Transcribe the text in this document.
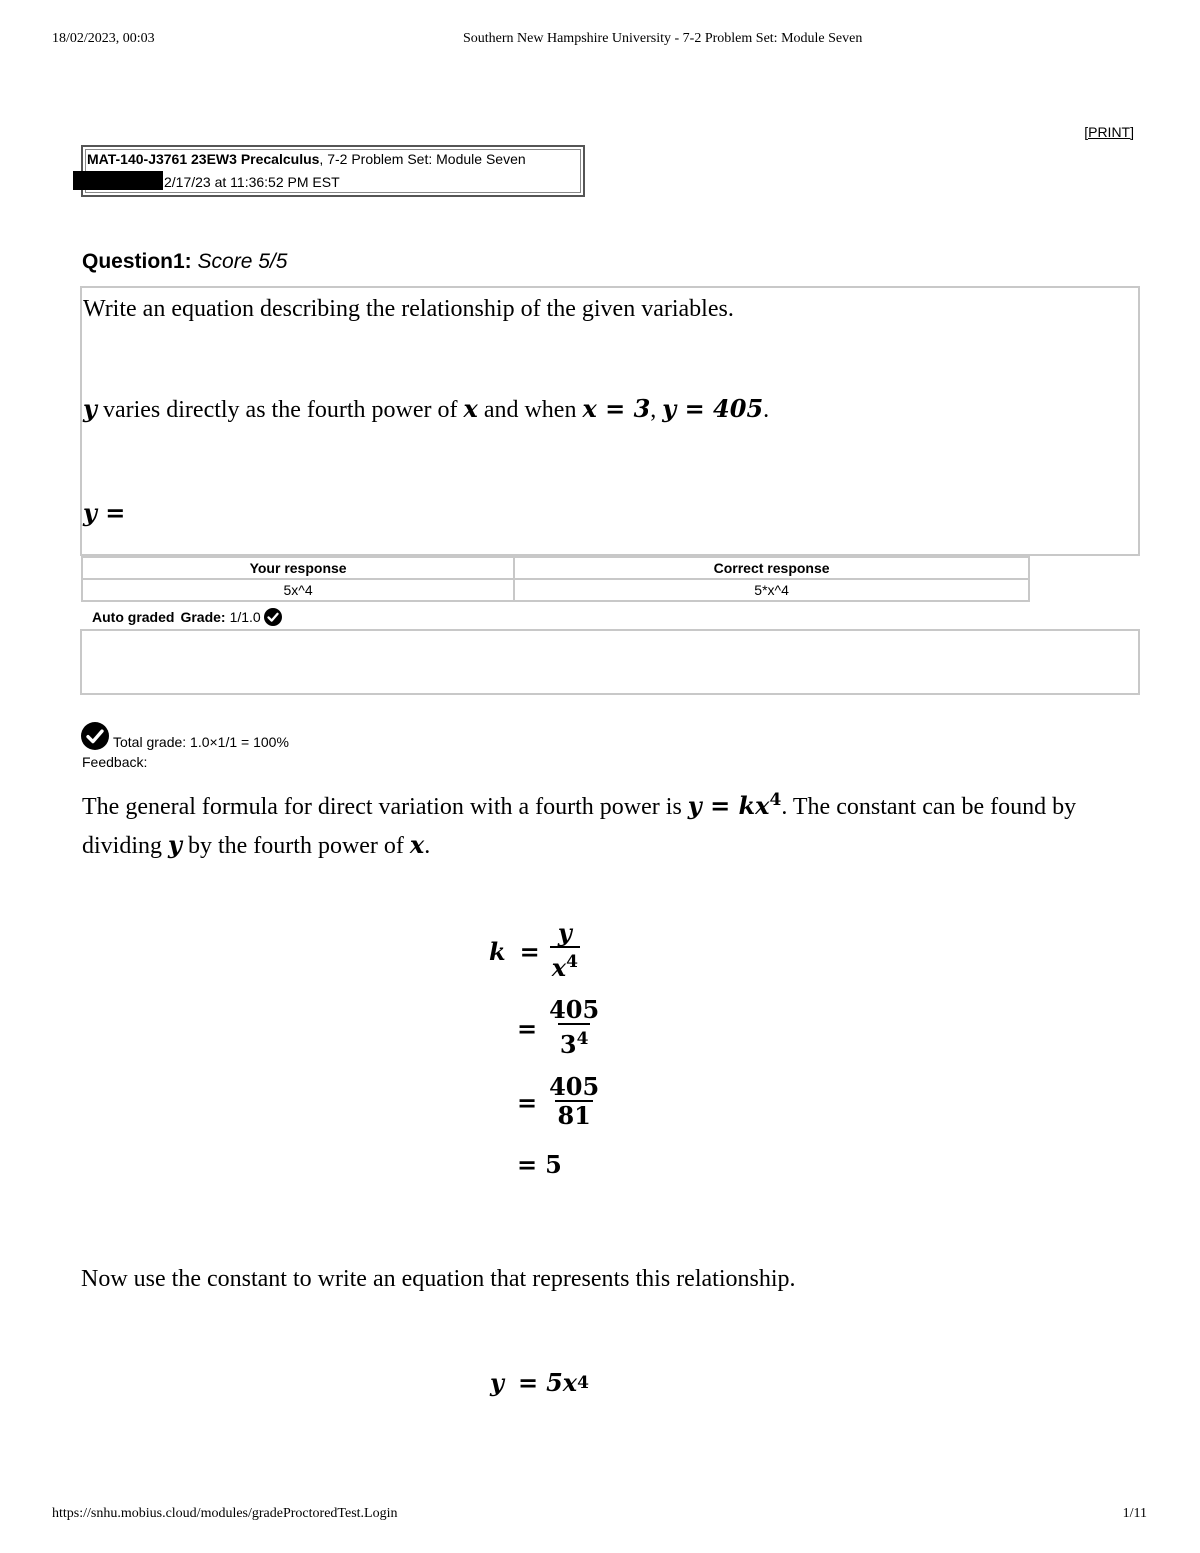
18/02/2023, 00:03	Southern New Hampshire University - 7-2 Problem Set: Module Seven
[PRINT]
MAT-140-J3761 23EW3 Precalculus, 7-2 Problem Set: Module Seven
2/17/23 at 11:36:52 PM EST
Question1: Score 5/5
Write an equation describing the relationship of the given variables.
y varies directly as the fourth power of x and when x = 3, y = 405.
y =
Your response	Correct response
5x^4	5*x^4
Auto graded Grade: 1/1.0
Total grade: 1.0×1/1 = 100%
Feedback:
The general formula for direct variation with a fourth power is $y = kx^4$. The constant can be found by dividing y by the fourth power of x.
$k = \frac{y}{x^4}$
= $\frac{405}{3^4}$
= $\frac{405}{81}$
= 5
Now use the constant to write an equation that represents this relationship.
y = 5x 4
https://snhu.mobius.cloud/modules/gradeProctoredTest.Login	1/11
